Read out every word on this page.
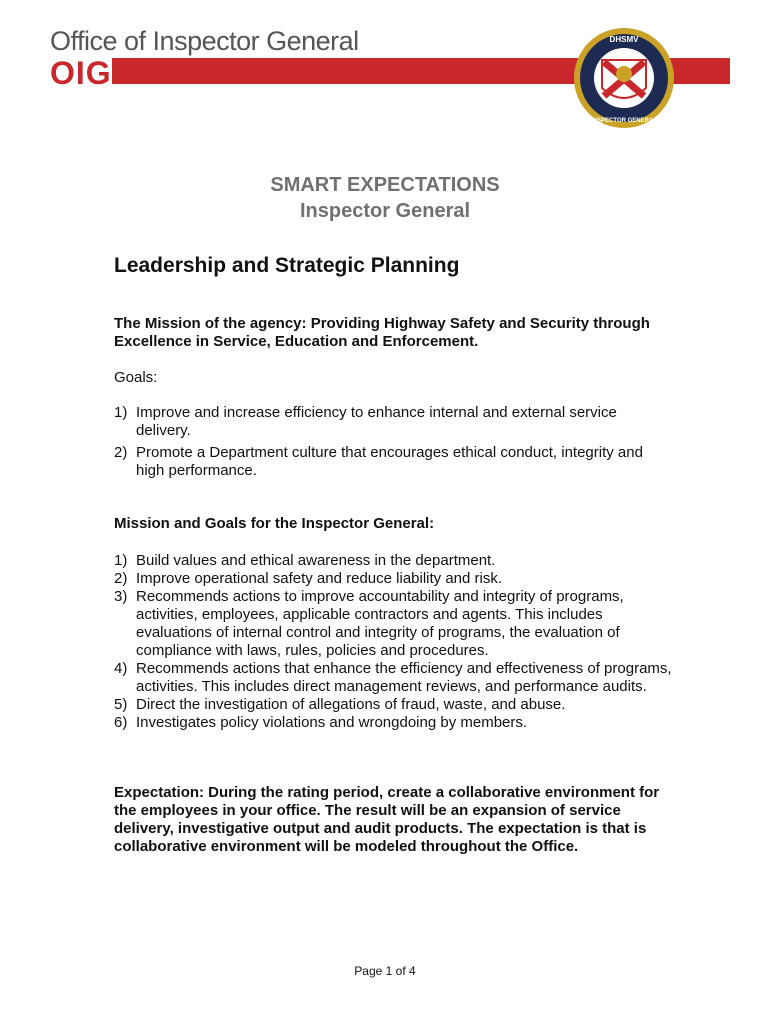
Office of Inspector General
OIG
DHSMV
INSPECTOR GENERAL
SMART EXPECTATIONS
Inspector General
Leadership and Strategic Planning
The Mission of the agency: Providing Highway Safety and Security through Excellence in Service, Education and Enforcement.
Goals:
1) Improve and increase efficiency to enhance internal and external service delivery.
2) Promote a Department culture that encourages ethical conduct, integrity and high performance.
Mission and Goals for the Inspector General:
1) Build values and ethical awareness in the department.
2) Improve operational safety and reduce liability and risk.
3) Recommends actions to improve accountability and integrity of programs, activities, employees, applicable contractors and agents. This includes evaluations of internal control and integrity of programs, the evaluation of compliance with laws, rules, policies and procedures.
4) Recommends actions that enhance the efficiency and effectiveness of programs, activities. This includes direct management reviews, and performance audits.
5) Direct the investigation of allegations of fraud, waste, and abuse.
6) Investigates policy violations and wrongdoing by members.
Expectation: During the rating period, create a collaborative environment for the employees in your office. The result will be an expansion of service delivery, investigative output and audit products. The expectation is that is collaborative environment will be modeled throughout the Office.
Page 1 of 4
